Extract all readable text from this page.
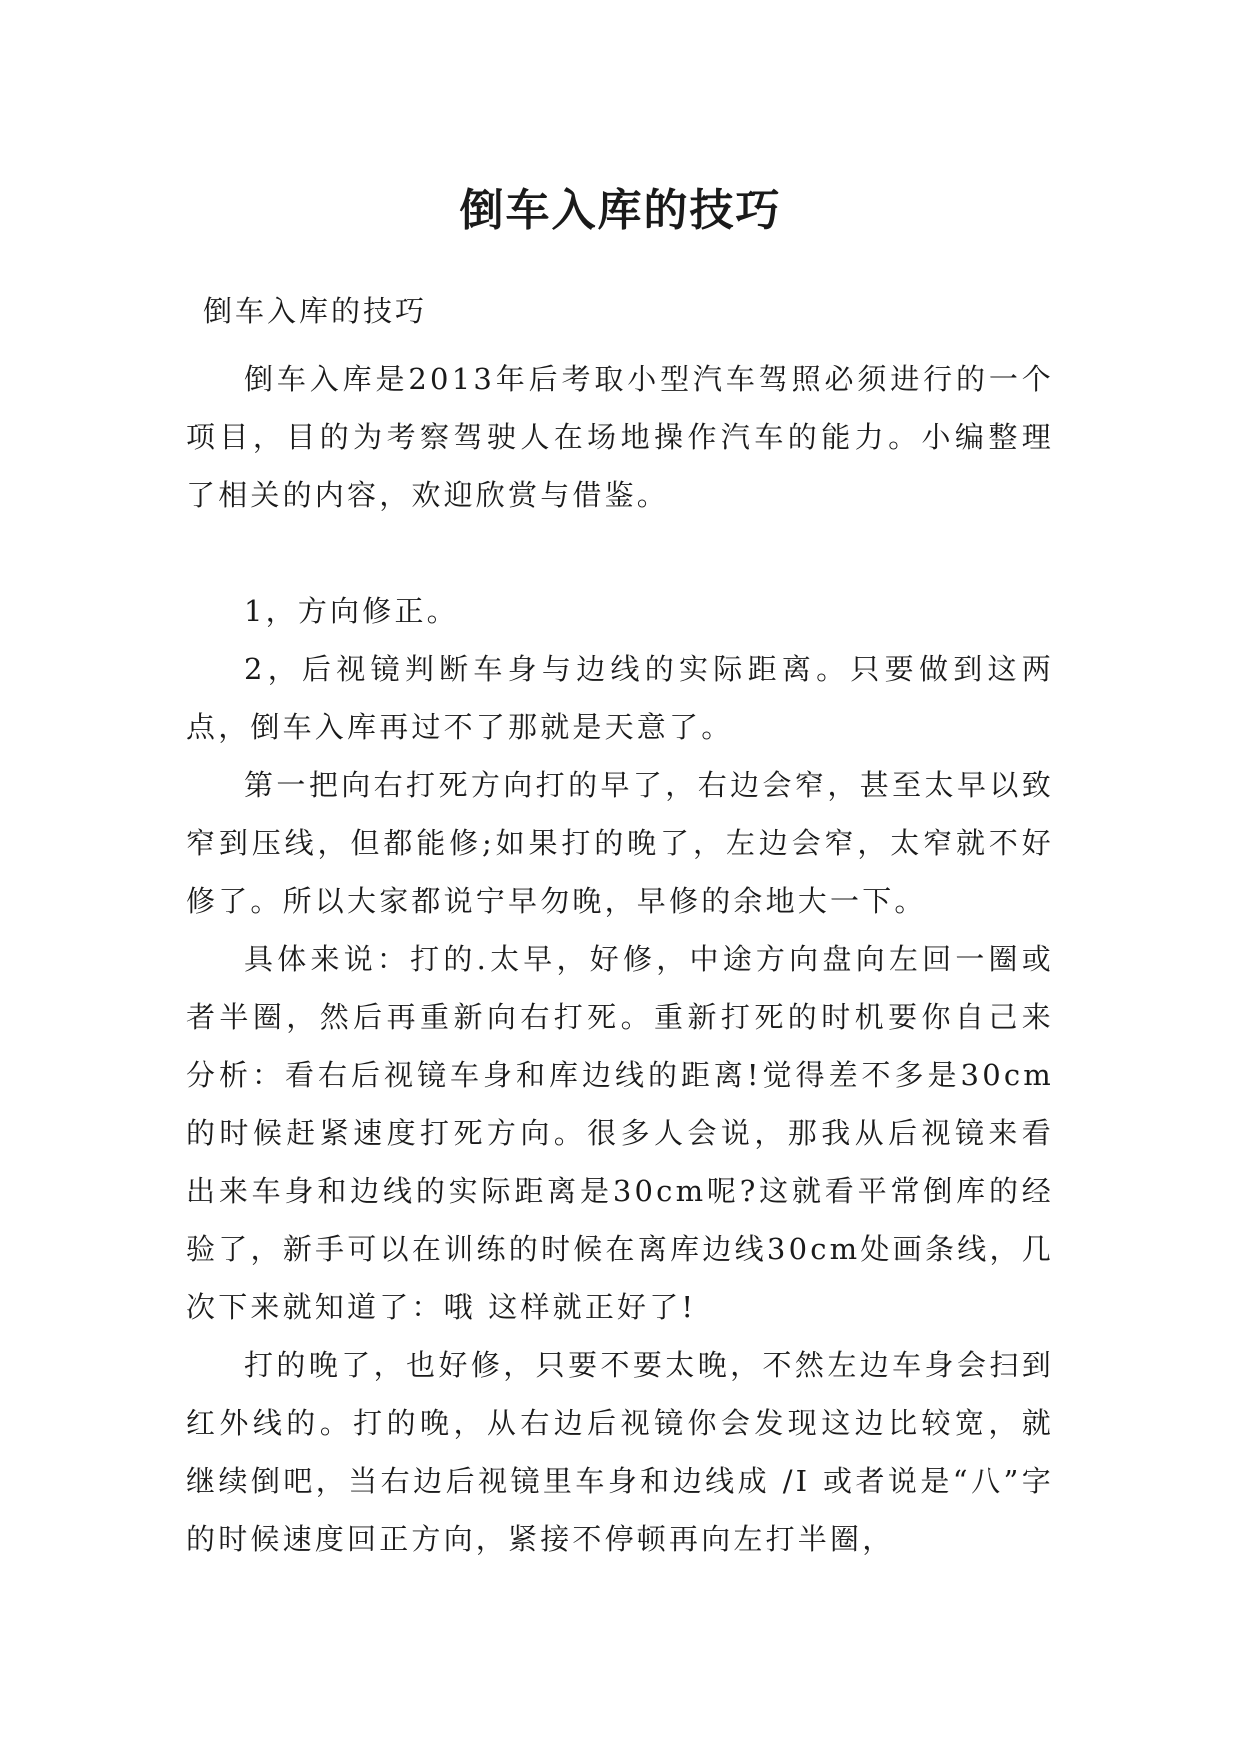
倒车入库的技巧

倒车入库的技巧

倒车入库是2013年后考取小型汽车驾照必须进行的一个项目，目的为考察驾驶人在场地操作汽车的能力。小编整理了相关的内容，欢迎欣赏与借鉴。

1，方向修正。

2，后视镜判断车身与边线的实际距离。只要做到这两点，倒车入库再过不了那就是天意了。

第一把向右打死方向打的早了，右边会窄，甚至太早以致窄到压线，但都能修;如果打的晚了，左边会窄，太窄就不好修了。所以大家都说宁早勿晚，早修的余地大一下。

具体来说：打的.太早，好修，中途方向盘向左回一圈或者半圈，然后再重新向右打死。重新打死的时机要你自己来分析：看右后视镜车身和库边线的距离!觉得差不多是30cm的时候赶紧速度打死方向。很多人会说，那我从后视镜来看出来车身和边线的实际距离是30cm呢?这就看平常倒库的经验了，新手可以在训练的时候在离库边线30cm处画条线，几次下来就知道了：哦 这样就正好了!

打的晚了，也好修，只要不要太晚，不然左边车身会扫到红外线的。打的晚，从右边后视镜你会发现这边比较宽，就继续倒吧，当右边后视镜里车身和边线成 /I 或者说是“八”字的时候速度回正方向，紧接不停顿再向左打半圈，
